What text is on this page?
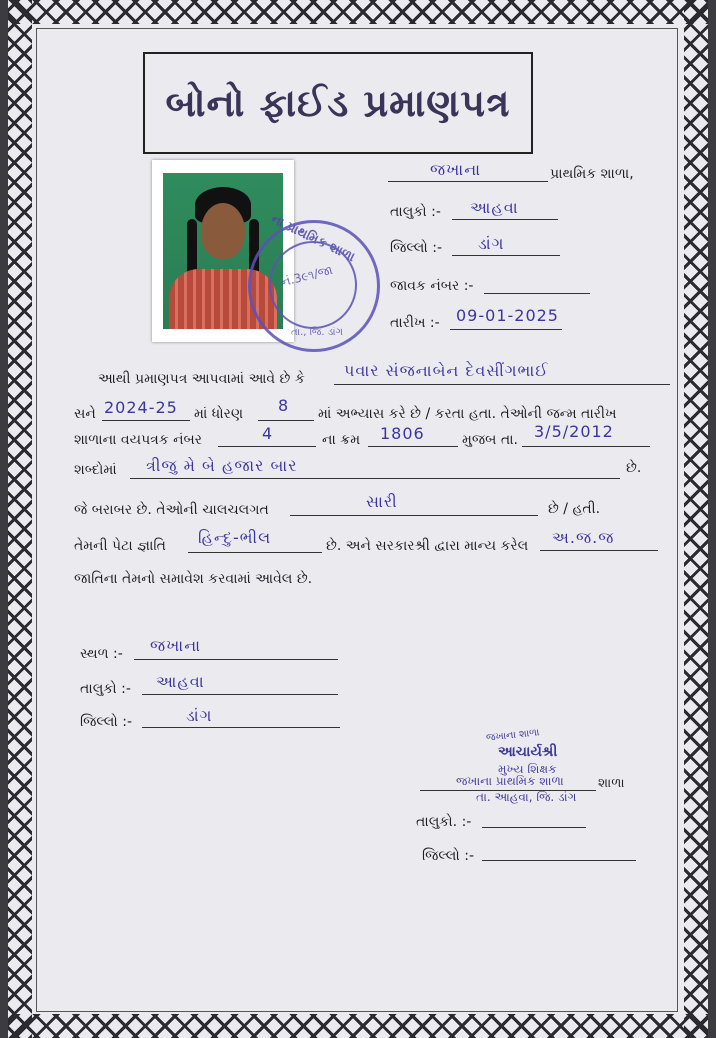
બોનો ફાઈડ પ્રમાણપત્ર
ના પ્રાથમિક શાળા
નં.3૯૧/જા
તા., જિ. ડાંગ
જખાના	પ્રાથમિક શાળા,
તાલુકો :- આહવા
જિલ્લો :- ડાંગ
જાવક નંબર :-
તારીખ :- 09-01-2025
આથી પ્રમાણપત્ર આપવામાં આવે છે કે પવાર સંજનાબેન દેવસીંગભાઈ
સને 2024-25 માં ધોરણ 8 માં અભ્યાસ કરે છે / કરતા હતા. તેઓની જન્મ તારીખ
શાળાના વયપત્રક નંબર	4	ના ક્રમ 1806	મુજબ તા. 3/5/2012
શબ્દોમાં ત્રીજુ મે બે હજાર બાર	છે.
જે બરાબર છે. તેઓની ચાલચલગત	સારી	છે / હતી.
તેમની પેટા જ્ઞાતિ હિન્દુ-ભીલ	છે. અને સરકારશ્રી દ્વારા માન્ય કરેલ અ.જ.જ
જાતિના તેમનો સમાવેશ કરવામાં આવેલ છે.
સ્થળ :- જખાના
તાલુકો :- આહવા
જિલ્લો :-	ડાંગ
જખાના શાળા
આચાર્યશ્રી
મુખ્ય શિક્ષક
જખાના પ્રાથમિક શાળા	શાળા
તા. આહવા, જિ. ડાંગ
તાલુકો. :-
જિલ્લો :-
